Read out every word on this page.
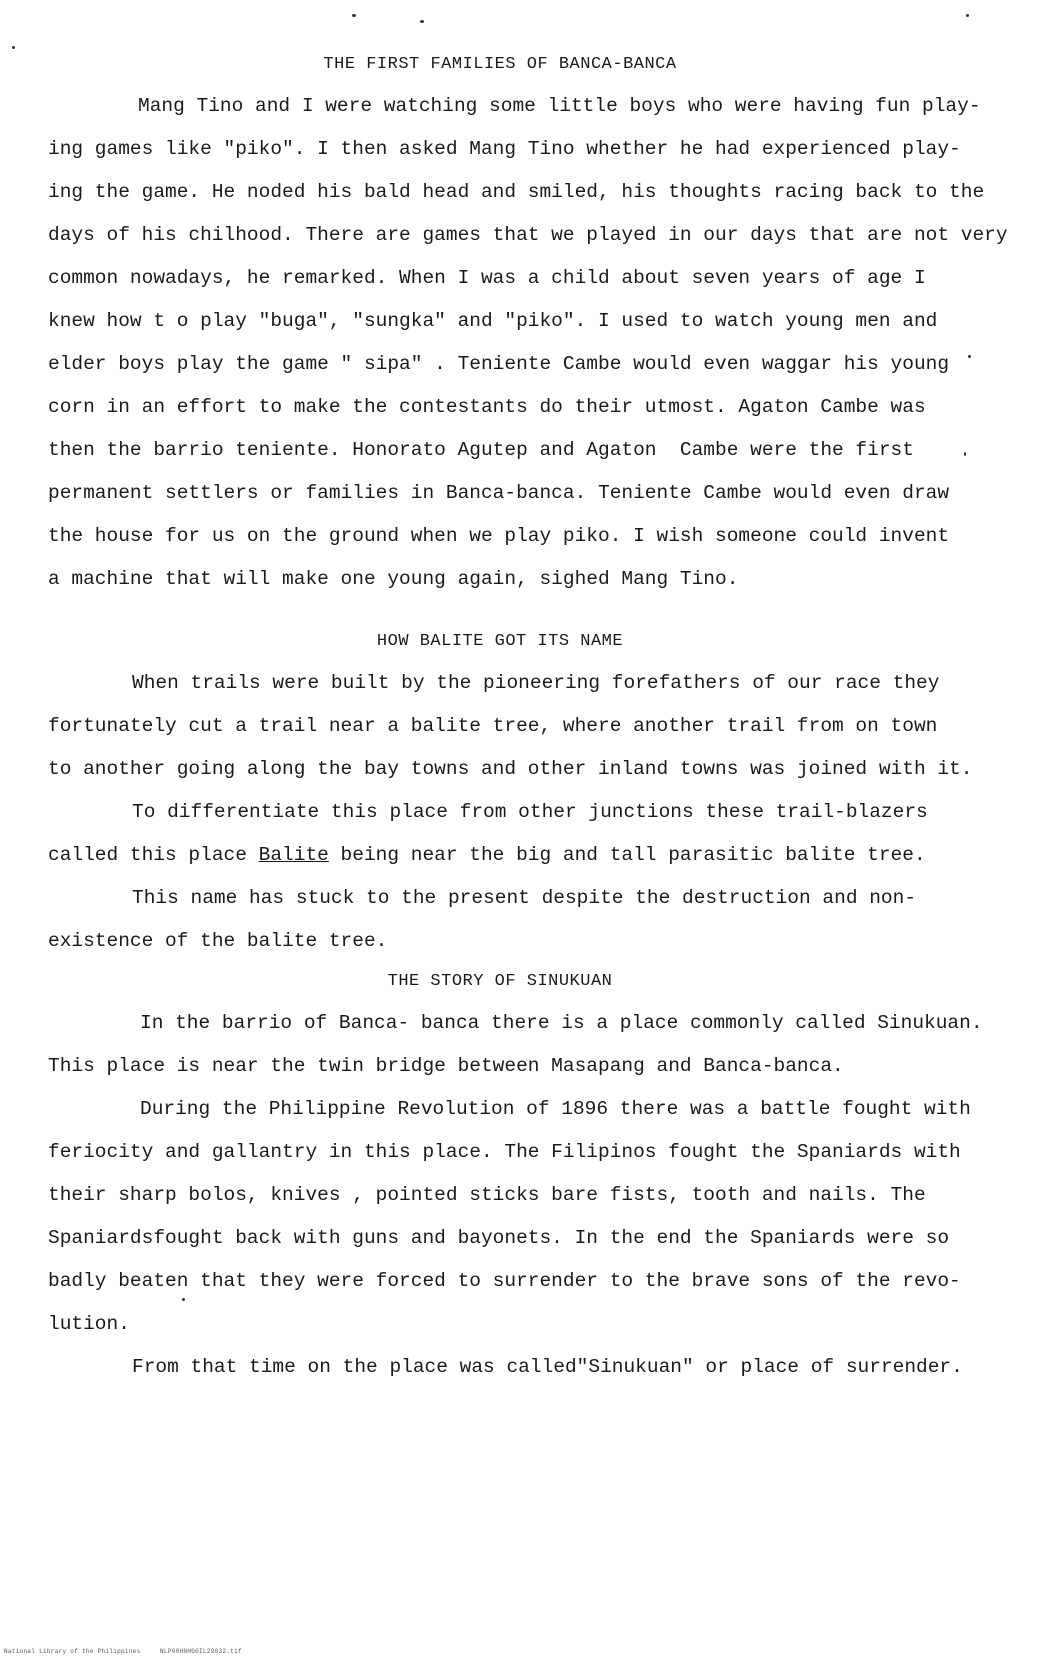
THE FIRST FAMILIES OF BANCA-BANCA
Mang Tino and I were watching some little boys who were having fun play-
ing games like "piko". I then asked Mang Tino whether he had experienced play-
ing the game. He noded his bald head and smiled, his thoughts racing back to the
days of his chilhood. There are games that we played in our days that are not very
common nowadays, he remarked. When I was a child about seven years of age I
knew how t o play "buga", "sungka" and "piko". I used to watch young men and
elder boys play the game " sipa" . Teniente Cambe would even waggar his young
corn in an effort to make the contestants do their utmost. Agaton Cambe was
then the barrio teniente. Honorato Agutep and Agaton  Cambe were the first
permanent settlers or families in Banca-banca. Teniente Cambe would even draw
the house for us on the ground when we play piko. I wish someone could invent
a machine that will make one young again, sighed Mang Tino.
HOW BALITE GOT ITS NAME
When trails were built by the pioneering forefathers of our race they
fortunately cut a trail near a balite tree, where another trail from on town
to another going along the bay towns and other inland towns was joined with it.
To differentiate this place from other junctions these trail-blazers
called this place Balite being near the big and tall parasitic balite tree.
This name has stuck to the present despite the destruction and non-
existence of the balite tree.
THE STORY OF SINUKUAN
In the barrio of Banca- banca there is a place commonly called Sinukuan.
This place is near the twin bridge between Masapang and Banca-banca.
During the Philippine Revolution of 1896 there was a battle fought with
feriocity and gallantry in this place. The Filipinos fought the Spaniards with
their sharp bolos, knives , pointed sticks bare fists, tooth and nails. The
Spaniardsfought back with guns and bayonets. In the end the Spaniards were so
badly beaten that they were forced to surrender to the brave sons of the revo-
lution.
From that time on the place was called"Sinukuan" or place of surrender.
National Library of the Philippines     NLP00HNHG0IL29032.tif
